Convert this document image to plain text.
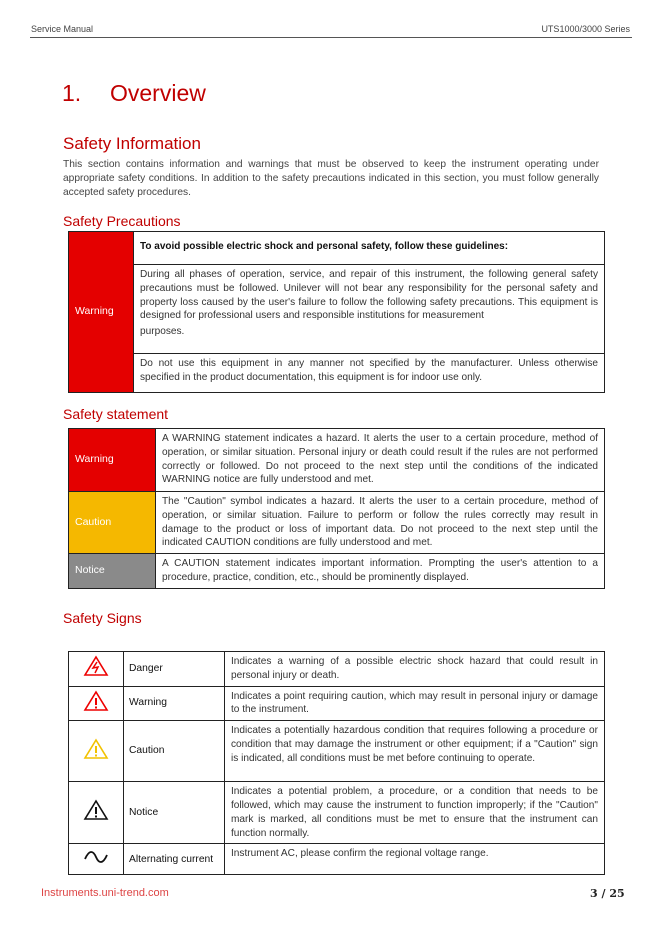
Service Manual	UTS1000/3000 Series
1. Overview
Safety Information
This section contains information and warnings that must be observed to keep the instrument operating under appropriate safety conditions. In addition to the safety precautions indicated in this section, you must follow generally accepted safety procedures.
Safety Precautions
Warning	To avoid possible electric shock and personal safety, follow these guidelines:

During all phases of operation, service, and repair of this instrument, the following general safety precautions must be followed. Unilever will not bear any responsibility for the personal safety and property loss caused by the user's failure to follow the following safety precautions. This equipment is designed for professional users and responsible institutions for measurement
purposes.

Do not use this equipment in any manner not specified by the manufacturer. Unless otherwise specified in the product documentation, this equipment is for indoor use only.
Safety statement
Warning	A WARNING statement indicates a hazard. It alerts the user to a certain procedure, method of operation, or similar situation. Personal injury or death could result if the rules are not performed correctly or followed. Do not proceed to the next step until the conditions of the indicated WARNING notice are fully understood and met.
Caution	The "Caution" symbol indicates a hazard. It alerts the user to a certain procedure, method of operation, or similar situation. Failure to perform or follow the rules correctly may result in damage to the product or loss of important data. Do not proceed to the next step until the indicated CAUTION conditions are fully understood and met.
Notice	A CAUTION statement indicates important information. Prompting the user's attention to a procedure, practice, condition, etc., should be prominently displayed.
Safety Signs
	Danger	Indicates a warning of a possible electric shock hazard that could result in personal injury or death.
	Warning	Indicates a point requiring caution, which may result in personal injury or damage to the instrument.
	Caution	Indicates a potentially hazardous condition that requires following a procedure or condition that may damage the instrument or other equipment; if a "Caution" sign is indicated, all conditions must be met before continuing to operate.
	Notice	Indicates a potential problem, a procedure, or a condition that needs to be followed, which may cause the instrument to function improperly; if the "Caution" mark is marked, all conditions must be met to ensure that the instrument can function normally.
	Alternating current	Instrument AC, please confirm the regional voltage range.
Instruments.uni-trend.com	3 / 25
